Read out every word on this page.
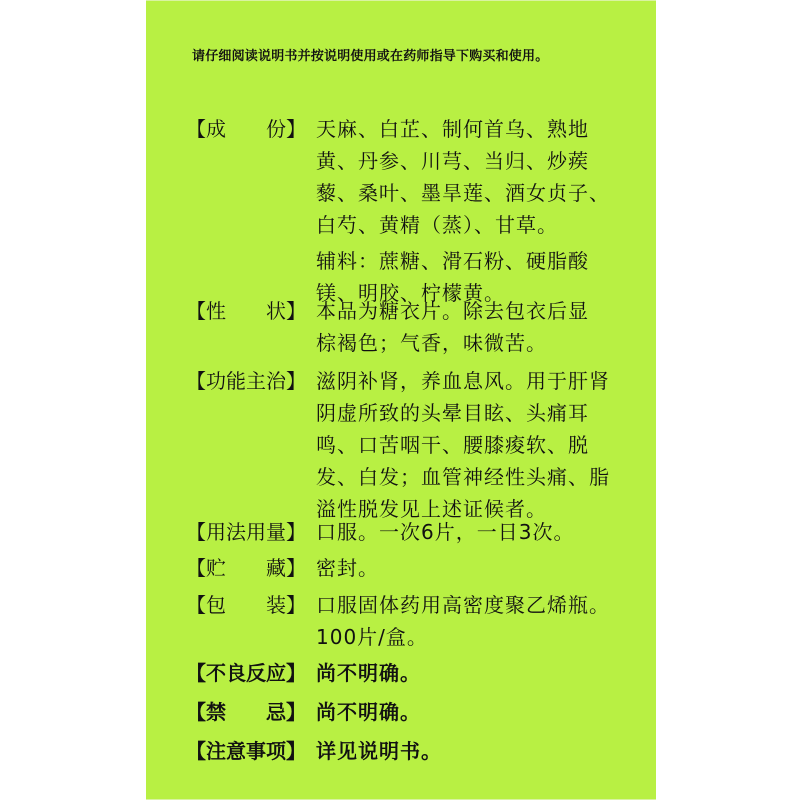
请仔细阅读说明书并按说明使用或在药师指导下购买和使用。
【成　　份】 天麻、白芷、制何首乌、熟地
黄、丹参、川芎、当归、炒蒺
藜、桑叶、墨旱莲、酒女贞子、
白芍、黄精（蒸）、甘草。
辅料：蔗糖、滑石粉、硬脂酸
镁、明胶、柠檬黄。
【性　　状】 本品为糖衣片。除去包衣后显
棕褐色；气香，味微苦。
【功能主治】 滋阴补肾，养血息风。用于肝肾
阴虚所致的头晕目眩、头痛耳
鸣、口苦咽干、腰膝痠软、脱
发、白发；血管神经性头痛、脂
溢性脱发见上述证候者。
【用法用量】 口服。一次6片，一日3次。
【贮　　藏】 密封。
【包　　装】 口服固体药用高密度聚乙烯瓶。
100片/盒。
【不良反应】 尚不明确。
【禁　　忌】 尚不明确。
【注意事项】 详见说明书。
